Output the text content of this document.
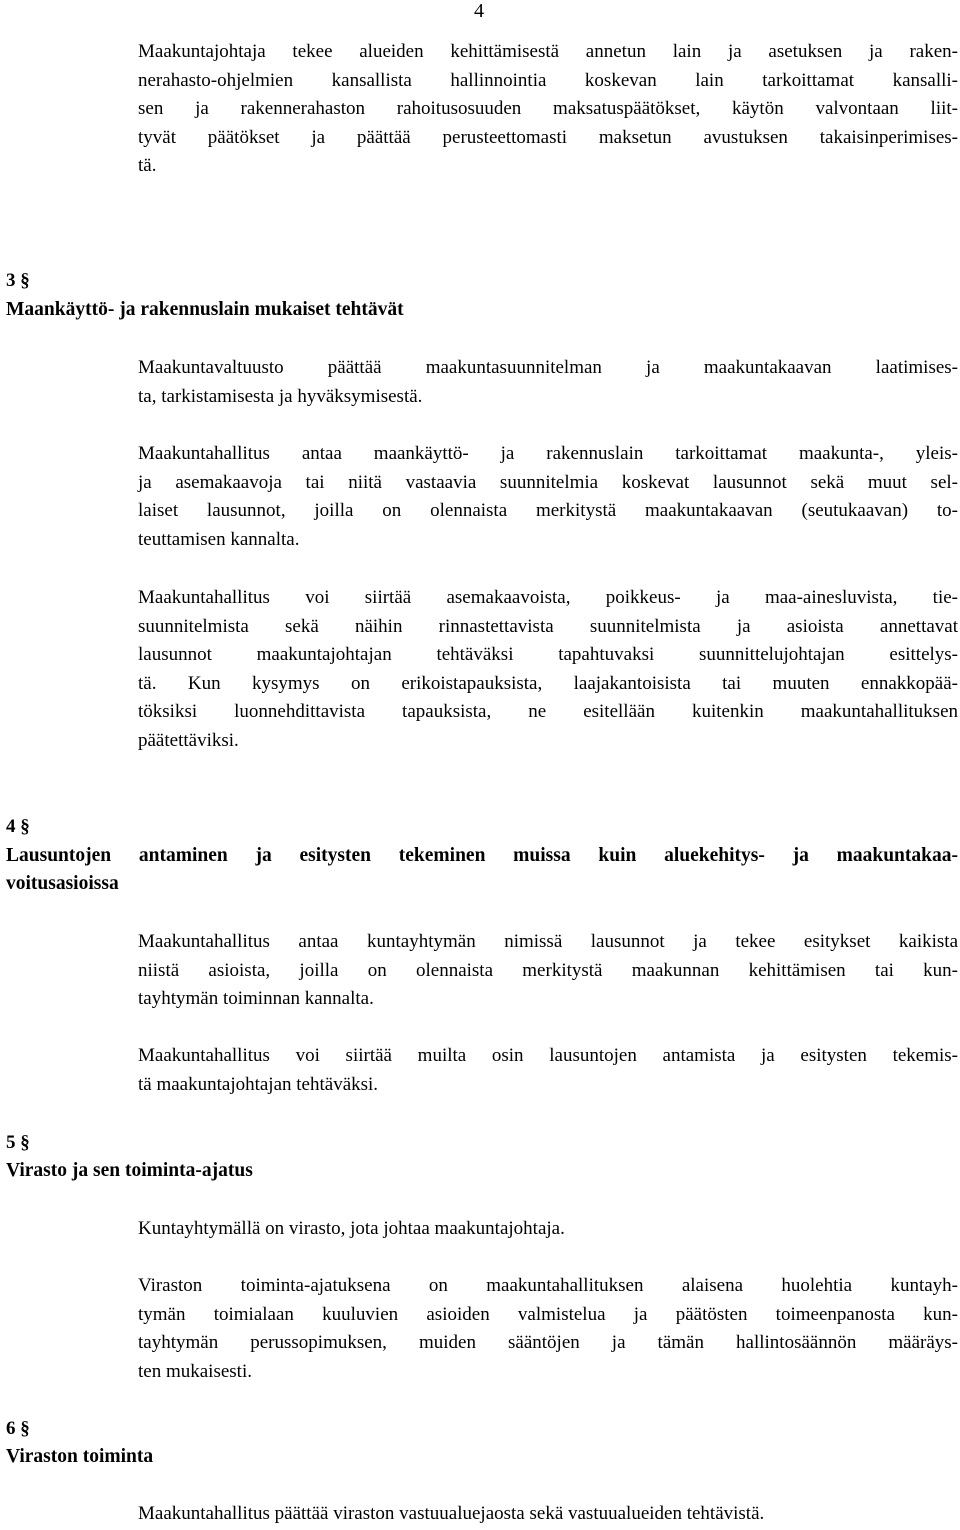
4

Maakuntajohtaja tekee alueiden kehittämisestä annetun lain ja asetuksen ja raken-
nerahasto-ohjelmien kansallista hallinnointia koskevan lain tarkoittamat kansalli-
sen ja rakennerahaston rahoitusosuuden maksatuspäätökset, käytön valvontaan liit-
tyvät päätökset ja päättää perusteettomasti maksetun avustuksen takaisinperimises-
tä.

3 §

Maankäyttö- ja rakennuslain mukaiset tehtävät

Maakuntavaltuusto päättää maakuntasuunnitelman ja maakuntakaavan laatimises-
ta, tarkistamisesta ja hyväksymisestä.

Maakuntahallitus antaa maankäyttö- ja rakennuslain tarkoittamat maakunta-, yleis-
ja asemakaavoja tai niitä vastaavia suunnitelmia koskevat lausunnot sekä muut sel-
laiset lausunnot, joilla on olennaista merkitystä maakuntakaavan (seutukaavan) to-
teuttamisen kannalta.

Maakuntahallitus voi siirtää asemakaavoista, poikkeus- ja maa-ainesluvista, tie-
suunnitelmista sekä näihin rinnastettavista suunnitelmista ja asioista annettavat
lausunnot maakuntajohtajan tehtäväksi tapahtuvaksi suunnittelujohtajan esittelys-
tä. Kun kysymys on erikoistapauksista, laajakantoisista tai muuten ennakkopää-
töksiksi luonnehdittavista tapauksista, ne esitellään kuitenkin maakuntahallituksen
päätettäviksi.

4 §

Lausuntojen antaminen ja esitysten tekeminen muissa kuin aluekehitys- ja maakuntakaa-
voitusasioissa

Maakuntahallitus antaa kuntayhtymän nimissä lausunnot ja tekee esitykset kaikista
niistä asioista, joilla on olennaista merkitystä maakunnan kehittämisen tai kun-
tayhtymän toiminnan kannalta.

Maakuntahallitus voi siirtää muilta osin lausuntojen antamista ja esitysten tekemis-
tä maakuntajohtajan tehtäväksi.

5 §

Virasto ja sen toiminta-ajatus

Kuntayhtymällä on virasto, jota johtaa maakuntajohtaja.

Viraston toiminta-ajatuksena on maakuntahallituksen alaisena huolehtia kuntayh-
tymän toimialaan kuuluvien asioiden valmistelua ja päätösten toimeenpanosta kun-
tayhtymän perussopimuksen, muiden sääntöjen ja tämän hallintosäännön määräys-
ten mukaisesti.

6 §

Viraston toiminta

Maakuntahallitus päättää viraston vastuualuejaosta sekä vastuualueiden tehtävistä.
